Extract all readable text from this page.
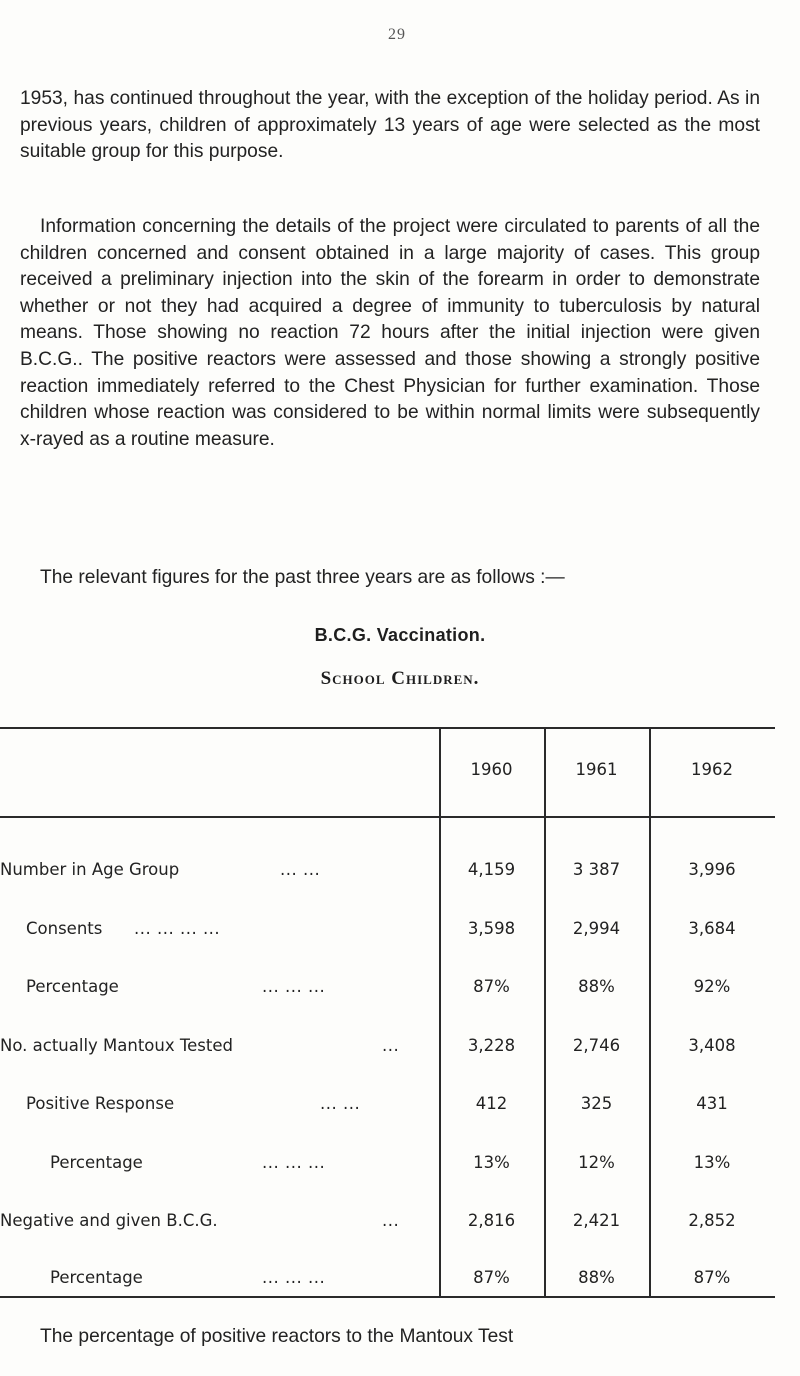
29

1953, has continued throughout the year, with the exception of the holiday period. As in previous years, children of approximately 13 years of age were selected as the most suitable group for this purpose.

Information concerning the details of the project were circulated to parents of all the children concerned and consent obtained in a large majority of cases. This group received a preliminary injection into the skin of the forearm in order to demonstrate whether or not they had acquired a degree of immunity to tuberculosis by natural means. Those showing no reaction 72 hours after the initial injection were given B.C.G.. The positive reactors were assessed and those showing a strongly positive reaction immediately referred to the Chest Physician for further examination. Those children whose reaction was considered to be within normal limits were subsequently x-rayed as a routine measure.

The relevant figures for the past three years are as follows :—

B.C.G. Vaccination.
School Children.
1960	1961	1962
Number in Age Group	... ...	4,159	3 387	3,996
Consents ... ... ... ...	3,598	2,994	3,684
Percentage	... ... ...	87%	88%	92%
No. actually Mantoux Tested	...	3,228	2,746	3,408
Positive Response	... ...	412	325	431
Percentage	... ... ...	13%	12%	13%
Negative and given B.C.G.	...	2,816	2,421	2,852
Percentage	... ... ...	87%	88%	87%

The percentage of positive reactors to the Mantoux Test
